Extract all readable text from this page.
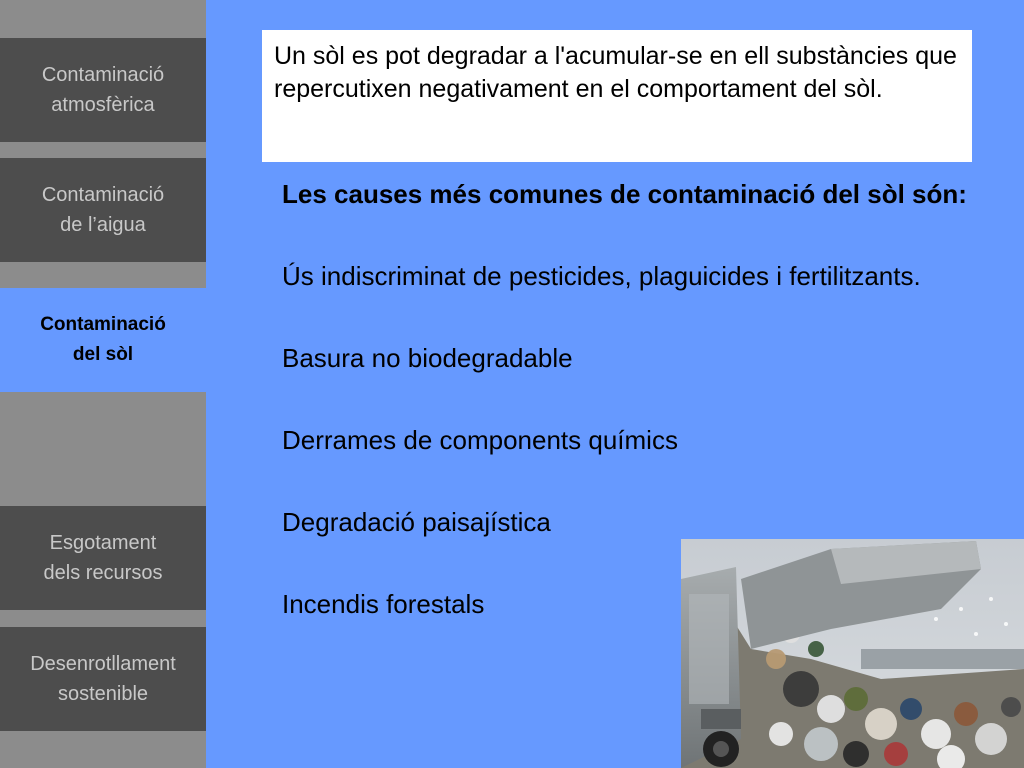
Contaminació
atmosfèrica
Contaminació
de l’aigua
Contaminació
del sòl
Esgotament
dels recursos
Desenrotllament
sostenible
Un sòl es pot degradar a l'acumular-se en ell substàncies que repercutixen negativament en el comportament del sòl.

Les causes més comunes de contaminació del sòl són:

Ús indiscriminat de pesticides, plaguicides i fertilitzants.

Basura no biodegradable

Derrames de components químics

Degradació paisajística

Incendis forestals
